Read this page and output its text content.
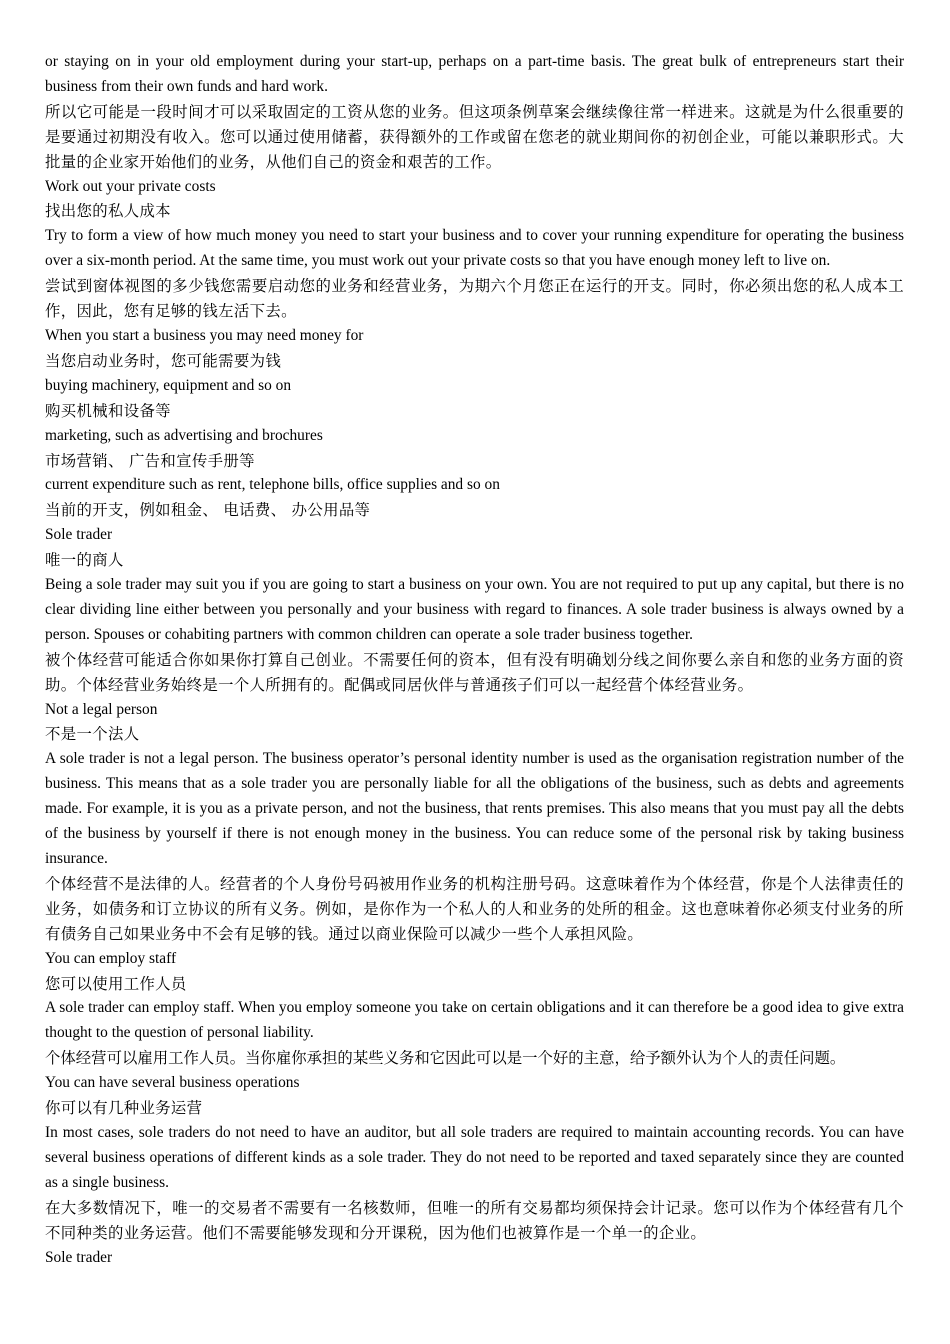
or staying on in your old employment during your start-up, perhaps on a part-time basis. The great bulk of entrepreneurs start their business from their own funds and hard work.

所以它可能是一段时间才可以采取固定的工资从您的业务。但这项条例草案会继续像往常一样进来。这就是为什么很重要的是要通过初期没有收入。您可以通过使用储蓄，获得额外的工作或留在您老的就业期间你的初创企业，可能以兼职形式。大批量的企业家开始他们的业务，从他们自己的资金和艰苦的工作。

Work out your private costs

找出您的私人成本

Try to form a view of how much money you need to start your business and to cover your running expenditure for operating the business over a six-month period. At the same time, you must work out your private costs so that you have enough money left to live on.

尝试到窗体视图的多少钱您需要启动您的业务和经营业务，为期六个月您正在运行的开支。同时，你必须出您的私人成本工作，因此，您有足够的钱左活下去。

When you start a business you may need money for

当您启动业务时，您可能需要为钱

buying machinery, equipment and so on

购买机械和设备等

marketing, such as advertising and brochures

市场营销、 广告和宣传手册等

current expenditure such as rent, telephone bills, office supplies and so on

当前的开支，例如租金、 电话费、 办公用品等

Sole trader

唯一的商人

Being a sole trader may suit you if you are going to start a business on your own. You are not required to put up any capital, but there is no clear dividing line either between you personally and your business with regard to finances. A sole trader business is always owned by a person. Spouses or cohabiting partners with common children can operate a sole trader business together.

被个体经营可能适合你如果你打算自己创业。不需要任何的资本，但有没有明确划分线之间你要么亲自和您的业务方面的资助。个体经营业务始终是一个人所拥有的。配偶或同居伙伴与普通孩子们可以一起经营个体经营业务。

Not a legal person

不是一个法人

A sole trader is not a legal person. The business operator’s personal identity number is used as the organisation registration number of the business. This means that as a sole trader you are personally liable for all the obligations of the business, such as debts and agreements made. For example, it is you as a private person, and not the business, that rents premises. This also means that you must pay all the debts of the business by yourself if there is not enough money in the business. You can reduce some of the personal risk by taking business insurance.

个体经营不是法律的人。经营者的个人身份号码被用作业务的机构注册号码。这意味着作为个体经营，你是个人法律责任的业务，如债务和订立协议的所有义务。例如，是你作为一个私人的人和业务的处所的租金。这也意味着你必须支付业务的所有债务自己如果业务中不会有足够的钱。通过以商业保险可以减少一些个人承担风险。

You can employ staff

您可以使用工作人员

A sole trader can employ staff. When you employ someone you take on certain obligations and it can therefore be a good idea to give extra thought to the question of personal liability.

个体经营可以雇用工作人员。当你雇你承担的某些义务和它因此可以是一个好的主意，给予额外认为个人的责任问题。

You can have several business operations

你可以有几种业务运营

In most cases, sole traders do not need to have an auditor, but all sole traders are required to maintain accounting records. You can have several business operations of different kinds as a sole trader. They do not need to be reported and taxed separately since they are counted as a single business.

在大多数情况下，唯一的交易者不需要有一名核数师，但唯一的所有交易都均须保持会计记录。您可以作为个体经营有几个不同种类的业务运营。他们不需要能够发现和分开课税，因为他们也被算作是一个单一的企业。

Sole trader
